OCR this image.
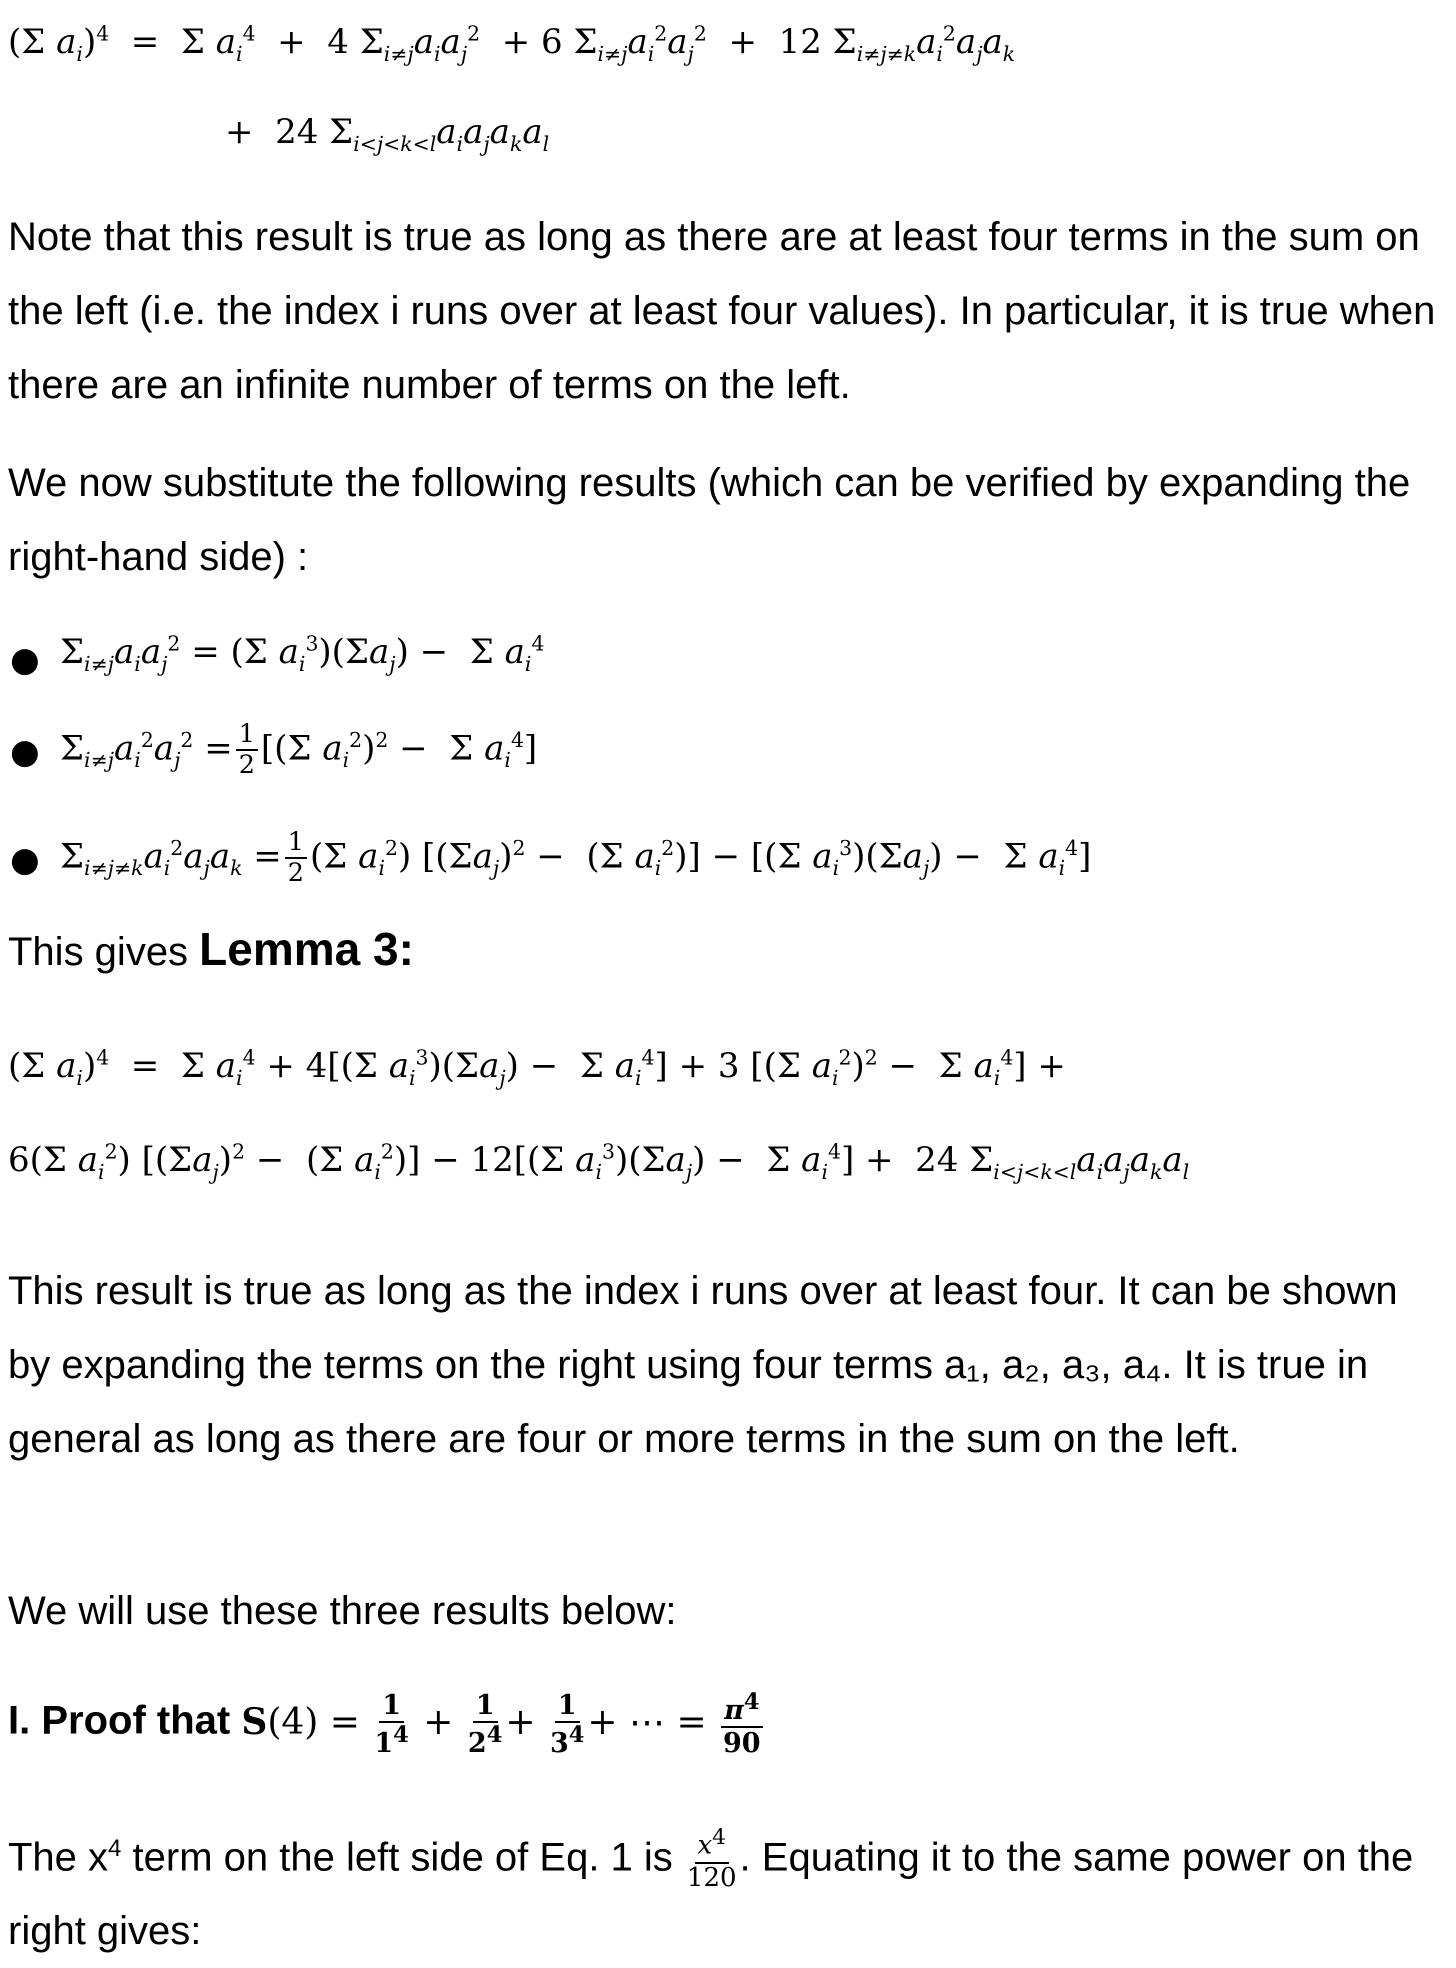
(Σ $a_i)^4 = \Sigma$ $a_i^4 + 4$ $\Sigma_{i\ne j}a_ia_j^2 + 6$ $\Sigma_{i\ne j}a_i^2a_j^2 + 12$ $\Sigma_{i\ne j\ne k}a_i^2a_ja_k$
+  24 $\Sigma_{i<j<k<l}a_ia_ja_ka_l$

Note that this result is true as long as there are at least four terms in the sum on the left (i.e. the index i runs over at least four values). In particular, it is true when there are an infinite number of terms on the left.

We now substitute the following results (which can be verified by expanding the right-hand side) :

● $\Sigma_{i\ne j}a_ia_j^2 = (\Sigma$ $a_i^3)(\Sigma a_j) - \Sigma$ $a_i^4$
● $\Sigma_{i\ne j}a_i^2a_j^2 = \frac{1}{2} [(\Sigma$ $a_i^2)^2 - \Sigma$ $a_i^4$]
● $\Sigma_{i\ne j\ne k}a_i^2a_ja_k = \frac{1}{2} (\Sigma$ $a_i^2$) [$(\Sigma a_j)^2 - (\Sigma$ $a_i^2)] - [(\Sigma$ $a_i^3)(\Sigma a_j) - \Sigma$ $a_i^4$]

This gives Lemma 3:

(Σ $a_i)^4 = \Sigma$ $a_i^4 + 4[(\Sigma$ $a_i^3)(\Sigma a_j) - \Sigma$ $a_i^4] + 3$ [(Σ $a_i^2)^2 - \Sigma$ $a_i^4$] +
6(Σ $a_i^2$) [$(\Sigma a_j)^2 - (\Sigma$ $a_i^2)] - 12[(\Sigma$ $a_i^3)(\Sigma a_j) - \Sigma$ $a_i^4] + 24$ $\Sigma_{i<j<k<l}a_ia_ja_ka_l$

This result is true as long as the index i runs over at least four. It can be shown by expanding the terms on the right using four terms a₁, a₂, a₃, a₄. It is true in general as long as there are four or more terms in the sum on the left.

We will use these three results below:

I. Proof that $S(4) = \frac{1}{1^4} + \frac{1}{2^4} + \frac{1}{3^4}$ + ⋯ = $\frac{\pi^4}{90}$

The $x^4$ term on the left side of Eq. 1 is $\frac{x^4}{120}$ . Equating it to the same power on the right gives:
